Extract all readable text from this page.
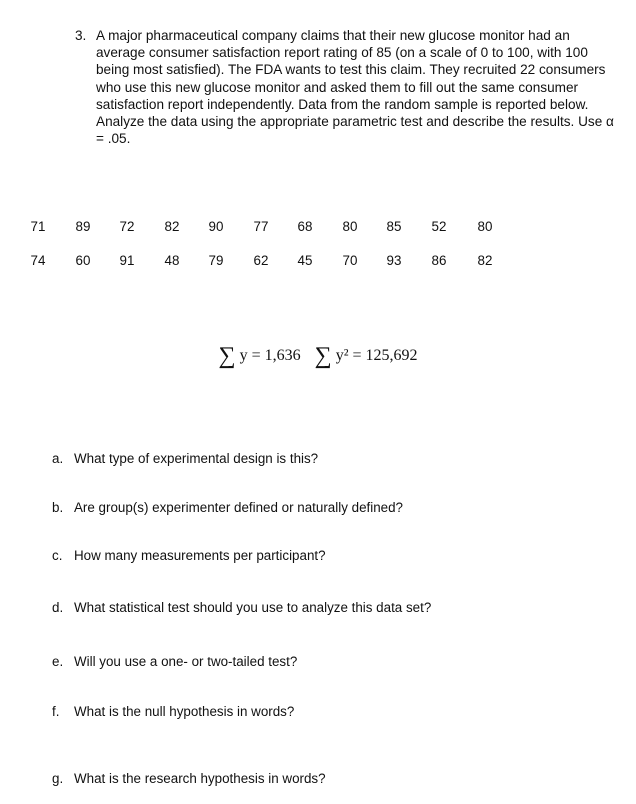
3. A major pharmaceutical company claims that their new glucose monitor had an average consumer satisfaction report rating of 85 (on a scale of 0 to 100, with 100 being most satisfied). The FDA wants to test this claim. They recruited 22 consumers who use this new glucose monitor and asked them to fill out the same consumer satisfaction report independently. Data from the random sample is reported below. Analyze the data using the appropriate parametric test and describe the results. Use α = .05.
71 89 72 82 90 77 68 80 85 52 80
74 60 91 48 79 62 45 70 93 86 82
∑ y = 1,636 ∑ y² = 125,692
a. What type of experimental design is this?
b. Are group(s) experimenter defined or naturally defined?
c. How many measurements per participant?
d. What statistical test should you use to analyze this data set?
e. Will you use a one- or two-tailed test?
f. What is the null hypothesis in words?
g. What is the research hypothesis in words?
